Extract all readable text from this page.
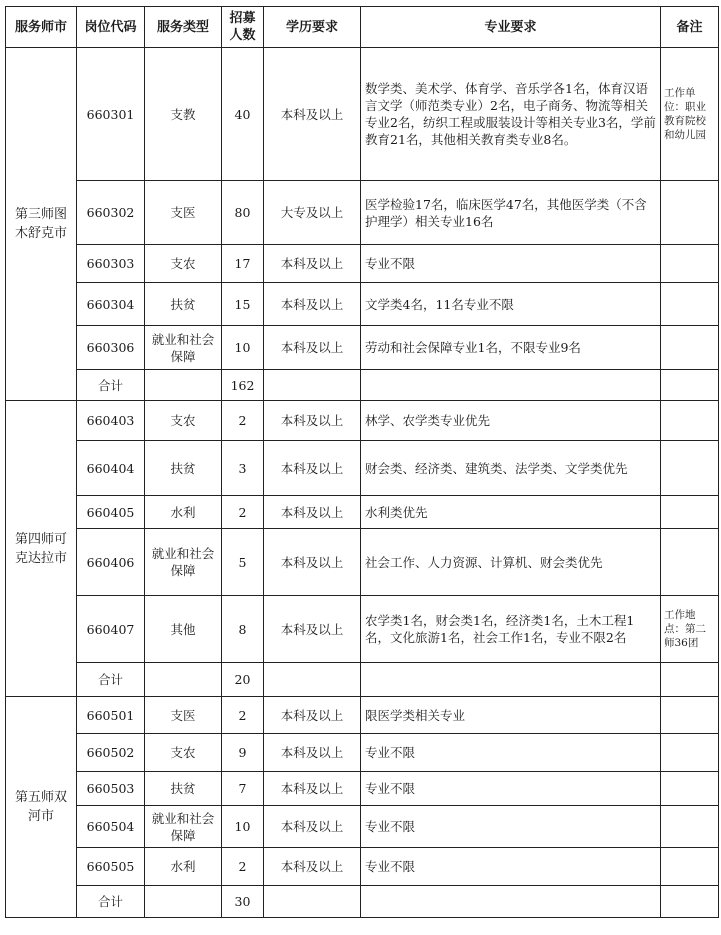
服务师市	岗位代码	服务类型	招募人数	学历要求	专业要求	备注
第三师图木舒克市	660301	支教	40	本科及以上	数学类、美术学、体育学、音乐学各1名，体育汉语言文学（师范类专业）2名，电子商务、物流等相关专业2名，纺织工程或服装设计等相关专业3名，学前教育21名，其他相关教育类专业8名。	工作单位：职业教育院校和幼儿园
	660302	支医	80	大专及以上	医学检验17名，临床医学47名，其他医学类（不含护理学）相关专业16名	
	660303	支农	17	本科及以上	专业不限	
	660304	扶贫	15	本科及以上	文学类4名，11名专业不限	
	660306	就业和社会保障	10	本科及以上	劳动和社会保障专业1名，不限专业9名	
	合计		162			
第四师可克达拉市	660403	支农	2	本科及以上	林学、农学类专业优先	
	660404	扶贫	3	本科及以上	财会类、经济类、建筑类、法学类、文学类优先	
	660405	水利	2	本科及以上	水利类优先	
	660406	就业和社会保障	5	本科及以上	社会工作、人力资源、计算机、财会类优先	
	660407	其他	8	本科及以上	农学类1名，财会类1名，经济类1名，土木工程1名，文化旅游1名，社会工作1名，专业不限2名	工作地点：第二师36团
	合计		20			
第五师双河市	660501	支医	2	本科及以上	限医学类相关专业	
	660502	支农	9	本科及以上	专业不限	
	660503	扶贫	7	本科及以上	专业不限	
	660504	就业和社会保障	10	本科及以上	专业不限	
	660505	水利	2	本科及以上	专业不限	
	合计		30			
